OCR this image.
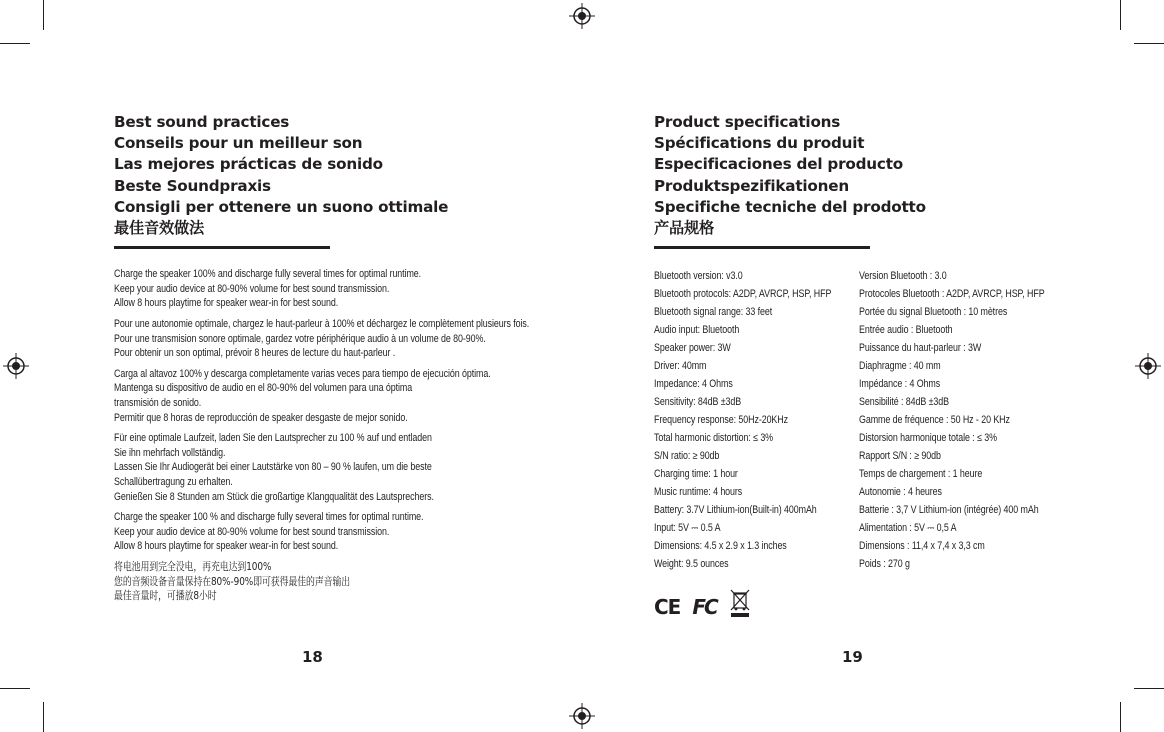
Best sound practices
Conseils pour un meilleur son
Las mejores prácticas de sonido
Beste Soundpraxis
Consigli per ottenere un suono ottimale
最佳音效做法
Charge the speaker 100% and discharge fully several times for optimal runtime.
Keep your audio device at 80-90% volume for best sound transmission.
Allow 8 hours playtime for speaker wear-in for best sound.
Pour une autonomie optimale, chargez le haut-parleur à 100% et déchargez le complètement plusieurs fois.
Pour une transmision sonore optimale, gardez votre périphérique audio à un volume de 80-90%.
Pour obtenir un son optimal, prévoir 8 heures de lecture du haut-parleur .
Carga al altavoz 100% y descarga completamente varias veces para tiempo de ejecución óptima.
Mantenga su dispositivo de audio en el 80-90% del volumen para una óptima
transmisión de sonido.
Permitir que 8 horas de reproducción de speaker desgaste de mejor sonido.
Für eine optimale Laufzeit, laden Sie den Lautsprecher zu 100 % auf und entladen
Sie ihn mehrfach vollständig.
Lassen Sie Ihr Audiogerät bei einer Lautstärke von 80 – 90 % laufen, um die beste
Schallübertragung zu erhalten.
Genießen Sie 8 Stunden am Stück die großartige Klangqualität des Lautsprechers.
Charge the speaker 100 % and discharge fully several times for optimal runtime.
Keep your audio device at 80-90% volume for best sound transmission.
Allow 8 hours playtime for speaker wear-in for best sound.
将电池用到完全没电，再充电达到100%
您的音频设备音量保持在80%-90%即可获得最佳的声音输出
最佳音量时，可播放8小时
Product specifications
Spécifications du produit
Especificaciones del producto
Produktspezifikationen
Specifiche tecniche del prodotto
产品规格
Bluetooth version: v3.0
Bluetooth protocols: A2DP, AVRCP, HSP, HFP
Bluetooth signal range: 33 feet
Audio input: Bluetooth
Speaker power: 3W
Driver: 40mm
Impedance: 4 Ohms
Sensitivity: 84dB ±3dB
Frequency response: 50Hz-20KHz
Total harmonic distortion: ≤ 3%
S/N ratio: ≥ 90db
Charging time: 1 hour
Music runtime: 4 hours
Battery: 3.7V Lithium-ion(Built-in) 400mAh
Input: 5V ⎓ 0.5 A
Dimensions: 4.5 x 2.9 x 1.3 inches
Weight: 9.5 ounces
Version Bluetooth : 3.0
Protocoles Bluetooth : A2DP, AVRCP, HSP, HFP
Portée du signal Bluetooth : 10 mètres
Entrée audio : Bluetooth
Puissance du haut-parleur : 3W
Diaphragme : 40 mm
Impédance : 4 Ohms
Sensibilité : 84dB ±3dB
Gamme de fréquence : 50 Hz - 20 KHz
Distorsion harmonique totale : ≤ 3%
Rapport S/N : ≥ 90db
Temps de chargement : 1 heure
Autonomie : 4 heures
Batterie : 3,7 V Lithium-ion (intégrée) 400 mAh
Alimentation : 5V ⎓ 0,5 A
Dimensions : 11,4 x 7,4 x 3,3 cm
Poids : 270 g
CE FC
18	19
